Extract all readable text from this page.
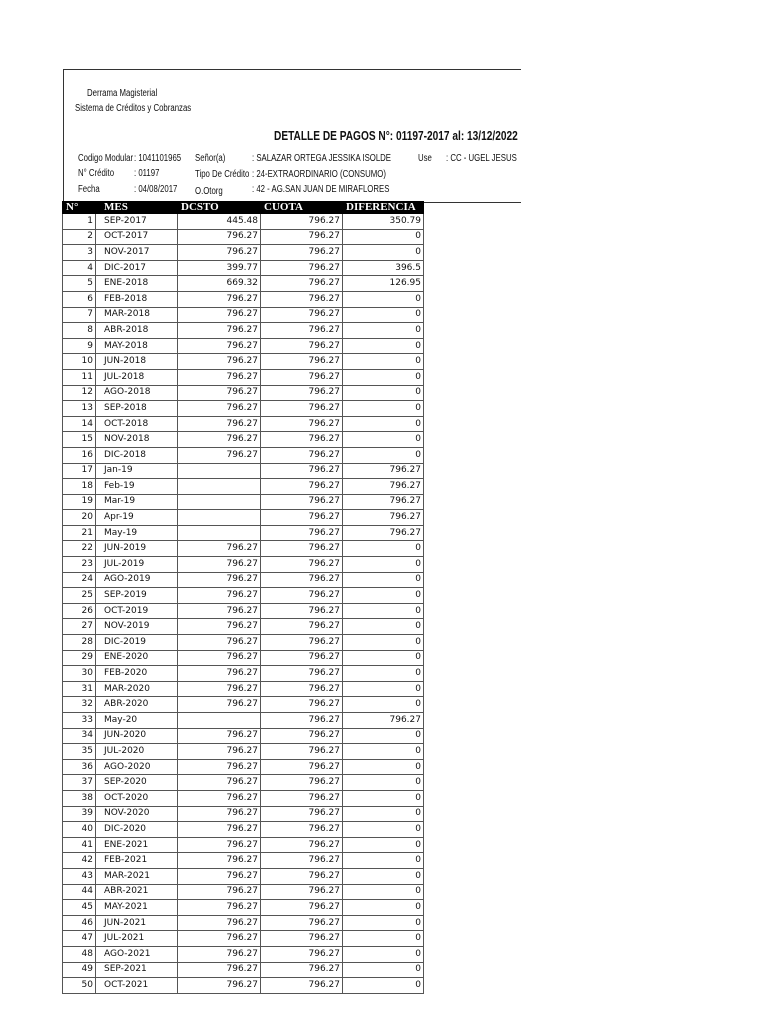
Derrama Magisterial
Sistema de Créditos y Cobranzas
DETALLE DE PAGOS N°: 01197-2017 al: 13/12/2022
Codigo Modular : 1041101965 Señor(a)	: SALAZAR ORTEGA JESSIKA ISOLDE	Use : CC - UGEL JESUS
N° Crédito : 01197	Tipo De Crédito : 24-EXTRAORDINARIO (CONSUMO)
Fecha	: 04/08/2017 O.Otorg	: 42 - AG.SAN JUAN DE MIRAFLORES
N°	MES	DCSTO	CUOTA	DIFERENCIA
1	SEP-2017	445.48	796.27	350.79
2	OCT-2017	796.27	796.27	0
3	NOV-2017	796.27	796.27	0
4	DIC-2017	399.77	796.27	396.5
5	ENE-2018	669.32	796.27	126.95
6	FEB-2018	796.27	796.27	0
7	MAR-2018	796.27	796.27	0
8	ABR-2018	796.27	796.27	0
9	MAY-2018	796.27	796.27	0
10	JUN-2018	796.27	796.27	0
11	JUL-2018	796.27	796.27	0
12	AGO-2018	796.27	796.27	0
13	SEP-2018	796.27	796.27	0
14	OCT-2018	796.27	796.27	0
15	NOV-2018	796.27	796.27	0
16	DIC-2018	796.27	796.27	0
17	Jan-19		796.27	796.27
18	Feb-19		796.27	796.27
19	Mar-19		796.27	796.27
20	Apr-19		796.27	796.27
21	May-19		796.27	796.27
22	JUN-2019	796.27	796.27	0
23	JUL-2019	796.27	796.27	0
24	AGO-2019	796.27	796.27	0
25	SEP-2019	796.27	796.27	0
26	OCT-2019	796.27	796.27	0
27	NOV-2019	796.27	796.27	0
28	DIC-2019	796.27	796.27	0
29	ENE-2020	796.27	796.27	0
30	FEB-2020	796.27	796.27	0
31	MAR-2020	796.27	796.27	0
32	ABR-2020	796.27	796.27	0
33	May-20		796.27	796.27
34	JUN-2020	796.27	796.27	0
35	JUL-2020	796.27	796.27	0
36	AGO-2020	796.27	796.27	0
37	SEP-2020	796.27	796.27	0
38	OCT-2020	796.27	796.27	0
39	NOV-2020	796.27	796.27	0
40	DIC-2020	796.27	796.27	0
41	ENE-2021	796.27	796.27	0
42	FEB-2021	796.27	796.27	0
43	MAR-2021	796.27	796.27	0
44	ABR-2021	796.27	796.27	0
45	MAY-2021	796.27	796.27	0
46	JUN-2021	796.27	796.27	0
47	JUL-2021	796.27	796.27	0
48	AGO-2021	796.27	796.27	0
49	SEP-2021	796.27	796.27	0
50	OCT-2021	796.27	796.27	0
